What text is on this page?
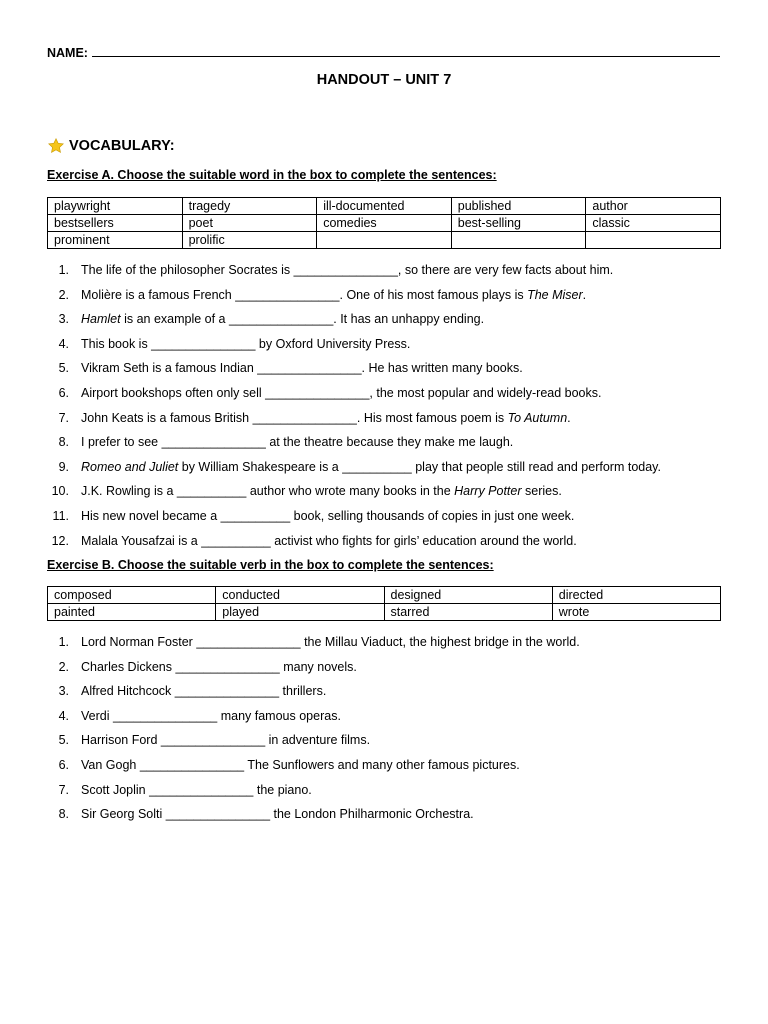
NAME:
HANDOUT – UNIT 7
VOCABULARY:
Exercise A. Choose the suitable word in the box to complete the sentences:
playwright	tragedy	ill-documented	published	author
bestsellers	poet	comedies	best-selling	classic
prominent	prolific			
1. The life of the philosopher Socrates is _______________, so there are very few facts about him.
2. Molière is a famous French _______________. One of his most famous plays is The Miser.
3. Hamlet is an example of a _______________. It has an unhappy ending.
4. This book is _______________ by Oxford University Press.
5. Vikram Seth is a famous Indian _______________. He has written many books.
6. Airport bookshops often only sell _______________, the most popular and widely-read books.
7. John Keats is a famous British _______________. His most famous poem is To Autumn.
8. I prefer to see _______________ at the theatre because they make me laugh.
9. Romeo and Juliet by William Shakespeare is a __________ play that people still read and perform today.
10. J.K. Rowling is a __________ author who wrote many books in the Harry Potter series.
11. His new novel became a __________ book, selling thousands of copies in just one week.
12. Malala Yousafzai is a __________ activist who fights for girls’ education around the world.
Exercise B. Choose the suitable verb in the box to complete the sentences:
composed	conducted	designed	directed
painted	played	starred	wrote
1. Lord Norman Foster _______________ the Millau Viaduct, the highest bridge in the world.
2. Charles Dickens _______________ many novels.
3. Alfred Hitchcock _______________ thrillers.
4. Verdi _______________ many famous operas.
5. Harrison Ford _______________ in adventure films.
6. Van Gogh _______________ The Sunflowers and many other famous pictures.
7. Scott Joplin _______________ the piano.
8. Sir Georg Solti _______________ the London Philharmonic Orchestra.
